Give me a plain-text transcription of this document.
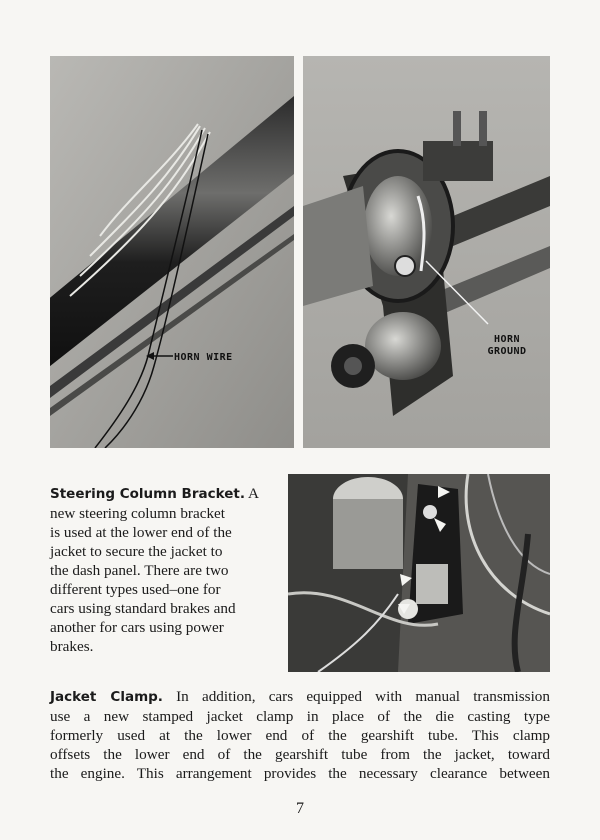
HORN WIRE
HORN
GROUND

Steering Column Bracket. A
new steering column bracket
is used at the lower end of the
jacket to secure the jacket to
the dash panel. There are two
different types used–one for
cars using standard brakes and
another for cars using power
brakes.

Jacket Clamp. In addition, cars equipped with manual transmission
use a new stamped jacket clamp in place of the die casting type
formerly used at the lower end of the gearshift tube. This clamp
offsets the lower end of the gearshift tube from the jacket, toward
the engine. This arrangement provides the necessary clearance between
7
